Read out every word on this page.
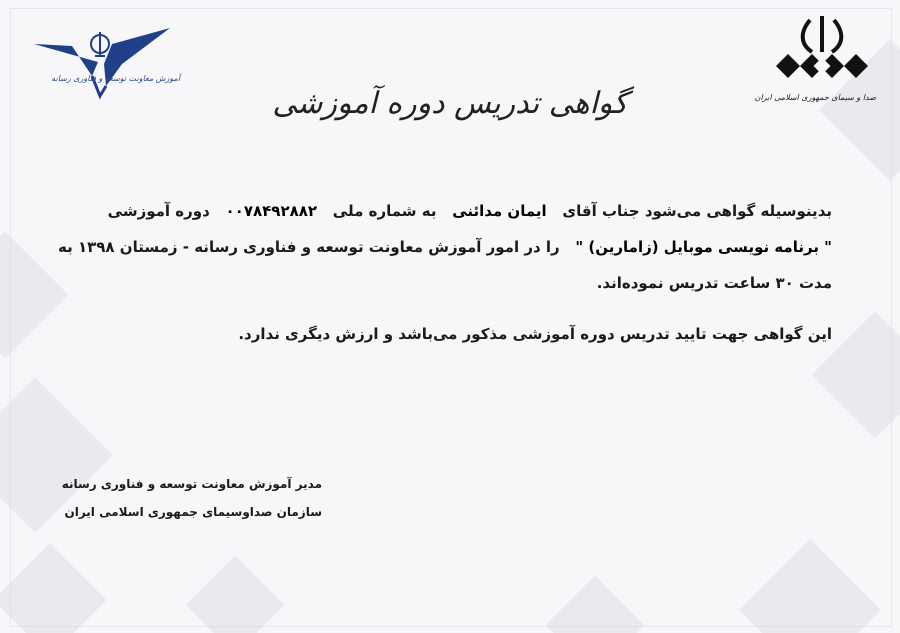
آموزش معاونت توسعه و فناوری رسانه
صدا و سیمای جمهوری اسلامی ایران
گواهی تدریس دوره آموزشی
بدینوسیله گواهی می‌شود جناب آقای   ایمان مدائنی   به شماره ملی   ۰۰۷۸۴۹۲۸۸۲   دوره آموزشی
" برنامه نویسی موبایل (زامارین) "   را در امور آموزش معاونت توسعه و فناوری رسانه - زمستان ۱۳۹۸ به
مدت ۳۰ ساعت تدریس نموده‌اند.
این گواهی جهت تایید تدریس دوره آموزشی مذکور می‌باشد و ارزش دیگری ندارد.
مدیر آموزش معاونت توسعه و فناوری رسانه
سازمان صداوسیمای جمهوری اسلامی ایران
